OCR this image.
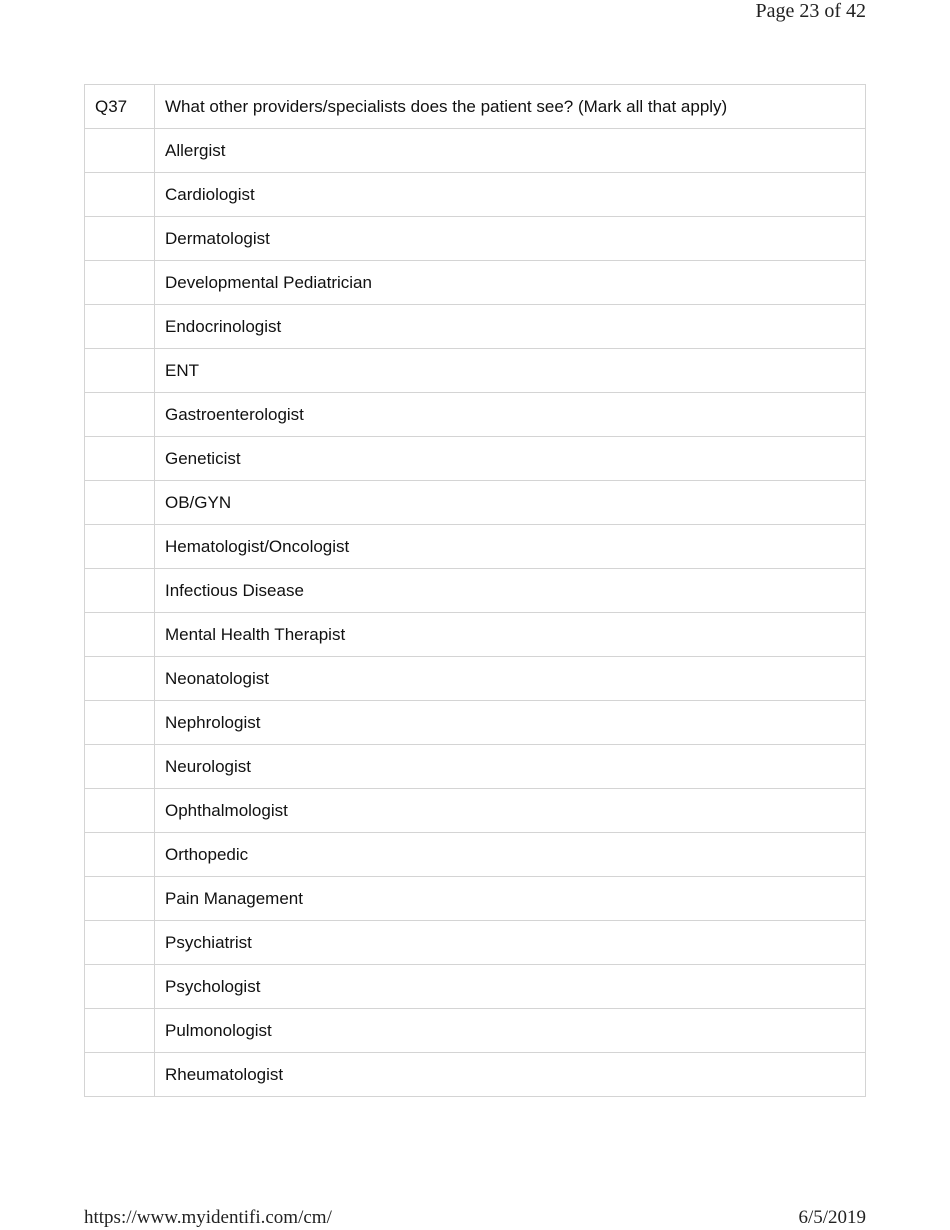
Page 23 of 42
Q37	What other providers/specialists does the patient see? (Mark all that apply)
	Allergist
	Cardiologist
	Dermatologist
	Developmental Pediatrician
	Endocrinologist
	ENT
	Gastroenterologist
	Geneticist
	OB/GYN
	Hematologist/Oncologist
	Infectious Disease
	Mental Health Therapist
	Neonatologist
	Nephrologist
	Neurologist
	Ophthalmologist
	Orthopedic
	Pain Management
	Psychiatrist
	Psychologist
	Pulmonologist
	Rheumatologist
https://www.myidentifi.com/cm/	6/5/2019
